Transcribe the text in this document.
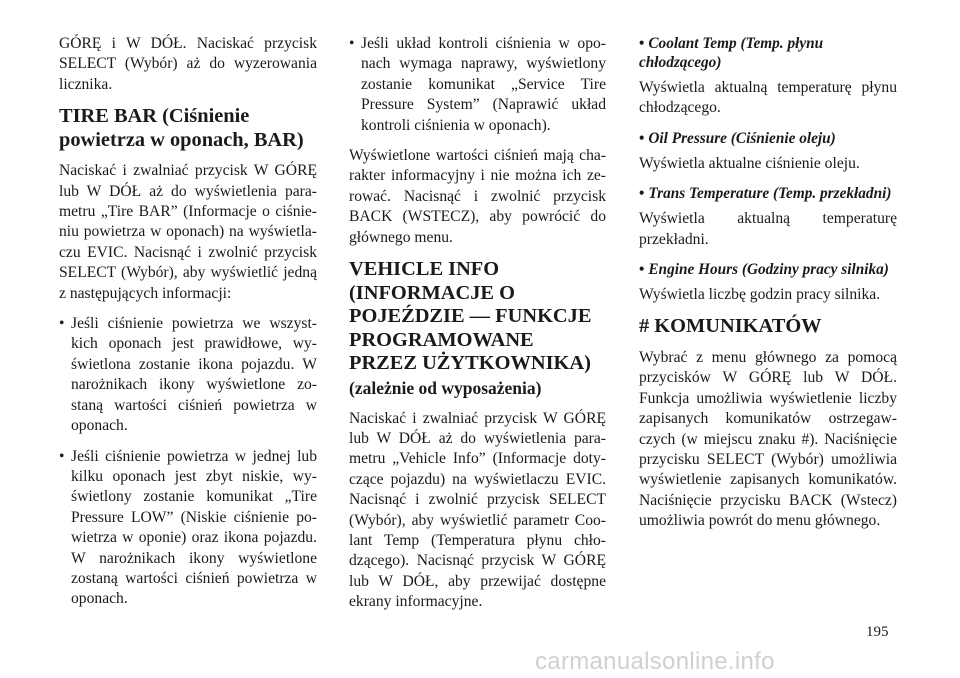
GÓRĘ i W DÓŁ. Naciskać przycisk SELECT (Wybór) aż do wyzerowania licznika.

TIRE BAR (Ciśnienie powietrza w oponach, BAR)

Naciskać i zwalniać przycisk W GÓRĘ lub W DÓŁ aż do wyświetlenia para-metru „Tire BAR” (Informacje o ciśnie-niu powietrza w oponach) na wyświetla-czu EVIC. Nacisnąć i zwolnić przycisk SELECT (Wybór), aby wyświetlić jedną z następujących informacji:

• Jeśli ciśnienie powietrza we wszyst-kich oponach jest prawidłowe, wy-świetlona zostanie ikona pojazdu. W narożnikach ikony wyświetlone zo-staną wartości ciśnień powietrza w oponach.
• Jeśli ciśnienie powietrza w jednej lub kilku oponach jest zbyt niskie, wy-świetlony zostanie komunikat „Tire Pressure LOW” (Niskie ciśnienie po-wietrza w oponie) oraz ikona pojazdu. W narożnikach ikony wyświetlone zostaną wartości ciśnień powietrza w oponach.
• Jeśli układ kontroli ciśnienia w opo-nach wymaga naprawy, wyświetlony zostanie komunikat „Service Tire Pressure System” (Naprawić układ kontroli ciśnienia w oponach).

Wyświetlone wartości ciśnień mają cha-rakter informacyjny i nie można ich ze-rować. Nacisnąć i zwolnić przycisk BACK (WSTECZ), aby powrócić do głównego menu.

VEHICLE INFO (INFORMACJE O POJEŹDZIE — FUNKCJE PROGRAMOWANE PRZEZ UŻYTKOWNIKA)
(zależnie od wyposażenia)

Naciskać i zwalniać przycisk W GÓRĘ lub W DÓŁ aż do wyświetlenia para-metru „Vehicle Info” (Informacje doty-czące pojazdu) na wyświetlaczu EVIC. Nacisnąć i zwolnić przycisk SELECT (Wybór), aby wyświetlić parametr Coo-lant Temp (Temperatura płynu chło-dzącego). Nacisnąć przycisk W GÓRĘ lub W DÓŁ, aby przewijać dostępne ekrany informacyjne.

• Coolant Temp (Temp. płynu chłodzącego)

Wyświetla aktualną temperaturę płynu chłodzącego.

• Oil Pressure (Ciśnienie oleju)

Wyświetla aktualne ciśnienie oleju.

• Trans Temperature (Temp. przekładni)

Wyświetla aktualną temperaturę przekładni.

• Engine Hours (Godziny pracy silnika)

Wyświetla liczbę godzin pracy silnika.

# KOMUNIKATÓW

Wybrać z menu głównego za pomocą przycisków W GÓRĘ lub W DÓŁ. Funkcja umożliwia wyświetlenie liczby zapisanych komunikatów ostrzegaw-czych (w miejscu znaku #). Naciśnięcie przycisku SELECT (Wybór) umożliwia wyświetlenie zapisanych komunikatów. Naciśnięcie przycisku BACK (Wstecz) umożliwia powrót do menu głównego.

195
carmanualsonline.info
